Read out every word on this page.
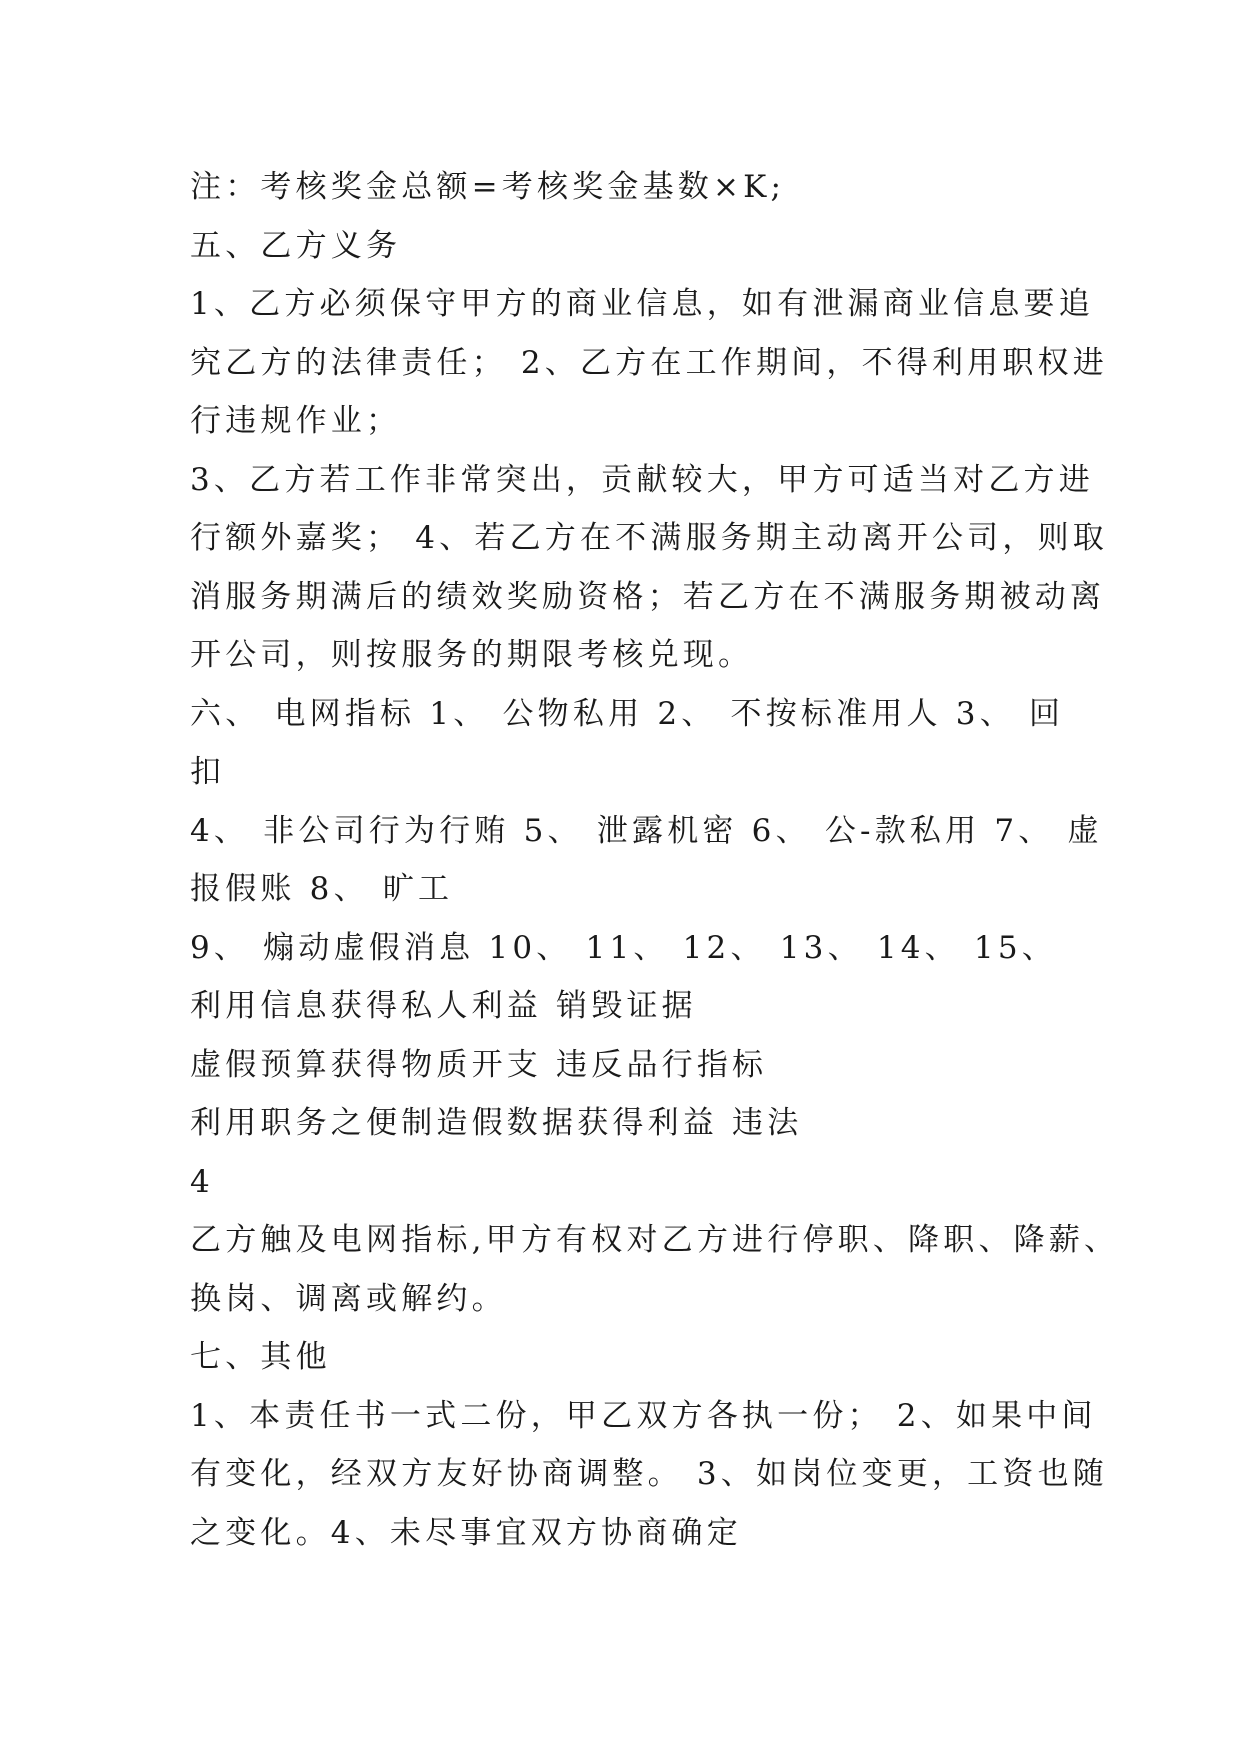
注：考核奖金总额=考核奖金基数×K;
五、乙方义务
1、乙方必须保守甲方的商业信息，如有泄漏商业信息要追
究乙方的法律责任； 2、乙方在工作期间，不得利用职权进
行违规作业；
3、乙方若工作非常突出，贡献较大，甲方可适当对乙方进
行额外嘉奖； 4、若乙方在不满服务期主动离开公司，则取
消服务期满后的绩效奖励资格；若乙方在不满服务期被动离
开公司，则按服务的期限考核兑现。
六、 电网指标 1、 公物私用 2、 不按标准用人 3、 回
扣
4、 非公司行为行贿 5、 泄露机密 6、 公-款私用 7、 虚
报假账 8、 旷工
9、 煽动虚假消息 10、 11、 12、 13、 14、 15、
利用信息获得私人利益 销毁证据
虚假预算获得物质开支 违反品行指标
利用职务之便制造假数据获得利益 违法
4
乙方触及电网指标,甲方有权对乙方进行停职、降职、降薪、
换岗、调离或解约。
七、其他
1、本责任书一式二份，甲乙双方各执一份； 2、如果中间
有变化，经双方友好协商调整。 3、如岗位变更，工资也随
之变化。4、未尽事宜双方协商确定
